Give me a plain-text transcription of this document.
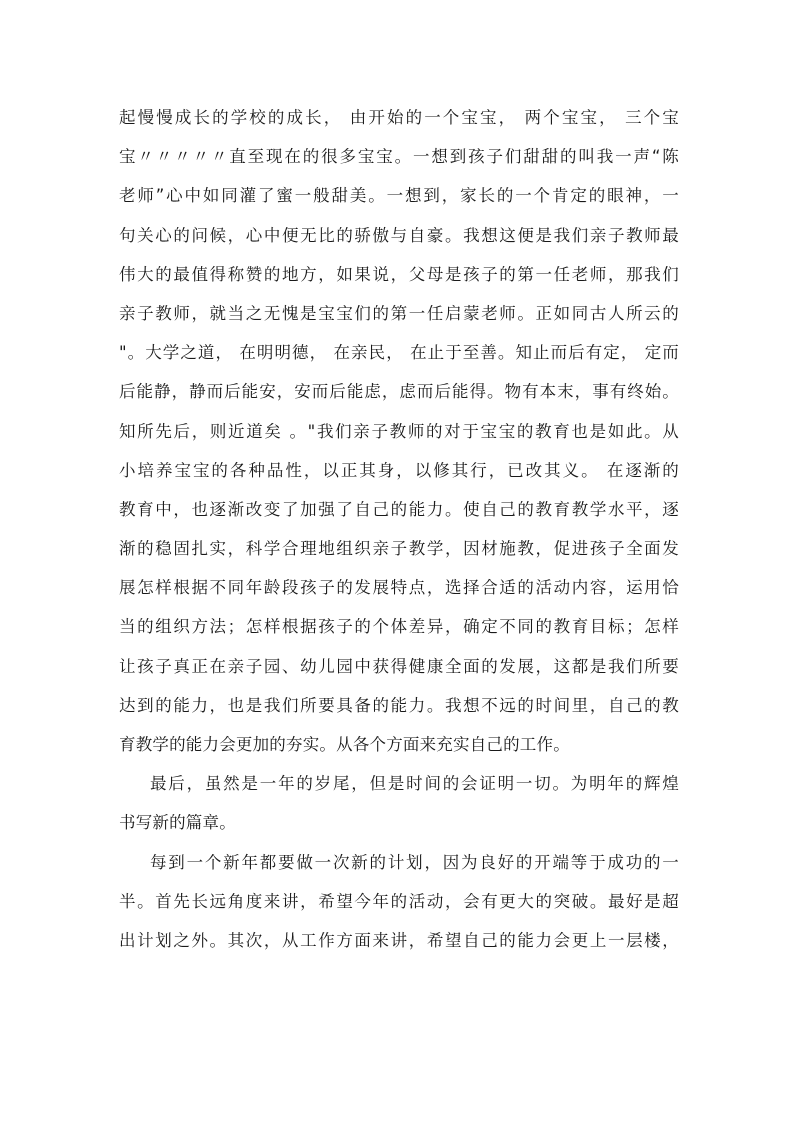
起慢慢成长的学校的成长， 由开始的一个宝宝， 两个宝宝， 三个宝
宝〃〃〃〃〃直至现在的很多宝宝。一想到孩子们甜甜的叫我一声“陈
老师”心中如同灌了蜜一般甜美。一想到，家长的一个肯定的眼神，一
句关心的问候，心中便无比的骄傲与自豪。我想这便是我们亲子教师最
伟大的最值得称赞的地方，如果说，父母是孩子的第一任老师，那我们
亲子教师，就当之无愧是宝宝们的第一任启蒙老师。正如同古人所云的
"。大学之道， 在明明德， 在亲民， 在止于至善。知止而后有定， 定而
后能静，静而后能安，安而后能虑，虑而后能得。物有本末，事有终始。
知所先后，则近道矣 。"我们亲子教师的对于宝宝的教育也是如此。从
小培养宝宝的各种品性，以正其身，以修其行，已改其义。 在逐渐的
教育中，也逐渐改变了加强了自己的能力。使自己的教育教学水平，逐
渐的稳固扎实，科学合理地组织亲子教学，因材施教，促进孩子全面发
展怎样根据不同年龄段孩子的发展特点，选择合适的活动内容，运用恰
当的组织方法；怎样根据孩子的个体差异，确定不同的教育目标；怎样
让孩子真正在亲子园、幼儿园中获得健康全面的发展，这都是我们所要
达到的能力，也是我们所要具备的能力。我想不远的时间里，自己的教
育教学的能力会更加的夯实。从各个方面来充实自己的工作。
最后，虽然是一年的岁尾，但是时间的会证明一切。为明年的辉煌
书写新的篇章。
每到一个新年都要做一次新的计划，因为良好的开端等于成功的一
半。首先长远角度来讲，希望今年的活动，会有更大的突破。最好是超
出计划之外。其次，从工作方面来讲，希望自己的能力会更上一层楼，
